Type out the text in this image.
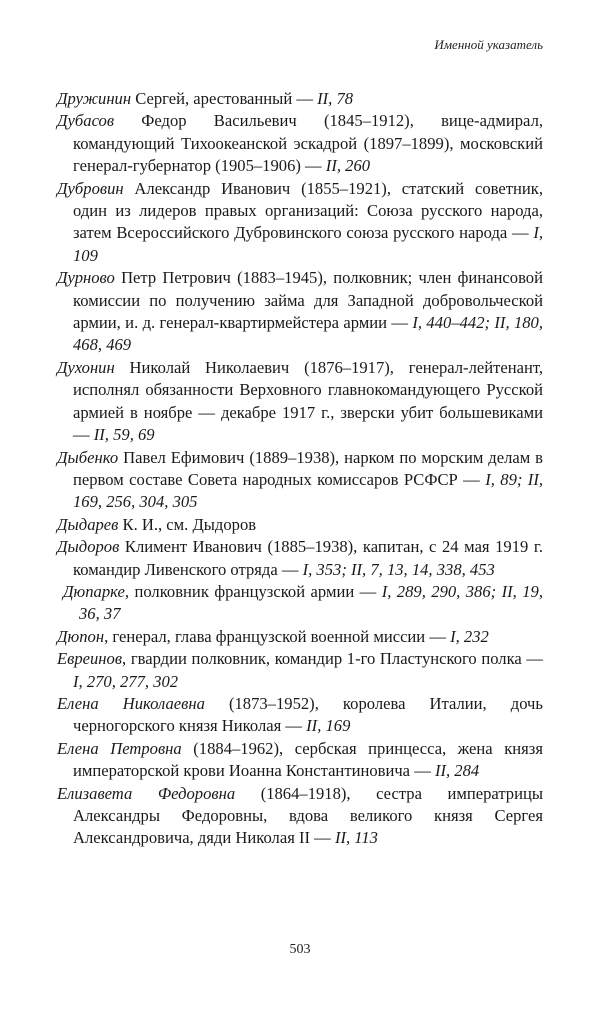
Именной указатель

Дружинин Сергей, арестованный — II, 78

Дубасов Федор Васильевич (1845–1912), вице-адмирал, командующий Тихоокеанской эскадрой (1897–1899), московский генерал-губернатор (1905–1906) — II, 260

Дубровин Александр Иванович (1855–1921), статский советник, один из лидеров правых организаций: Союза русского народа, затем Всероссийского Дубровинского союза русского народа — I, 109

Дурново Петр Петрович (1883–1945), полковник; член финансовой комиссии по получению займа для Западной добровольческой армии, и. д. генерал-квартирмейстера армии — I, 440–442; II, 180, 468, 469

Духонин Николай Николаевич (1876–1917), генерал-лейтенант, исполнял обязанности Верховного главнокомандующего Русской армией в ноябре — декабре 1917 г., зверски убит большевиками — II, 59, 69

Дыбенко Павел Ефимович (1889–1938), нарком по морским делам в первом составе Совета народных комиссаров РСФСР — I, 89; II, 169, 256, 304, 305

Дыдарев К. И., см. Дыдоров

Дыдоров Климент Иванович (1885–1938), капитан, с 24 мая 1919 г. командир Ливенского отряда — I, 353; II, 7, 13, 14, 338, 453

Дюпарке, полковник французской армии — I, 289, 290, 386; II, 19, 36, 37

Дюпон, генерал, глава французской военной миссии — I, 232

Евреинов, гвардии полковник, командир 1-го Пластунского полка — I, 270, 277, 302

Елена Николаевна (1873–1952), королева Италии, дочь черногорского князя Николая — II, 169

Елена Петровна (1884–1962), сербская принцесса, жена князя императорской крови Иоанна Константиновича — II, 284

Елизавета Федоровна (1864–1918), сестра императрицы Александры Федоровны, вдова великого князя Сергея Александровича, дяди Николая II — II, 113

503
